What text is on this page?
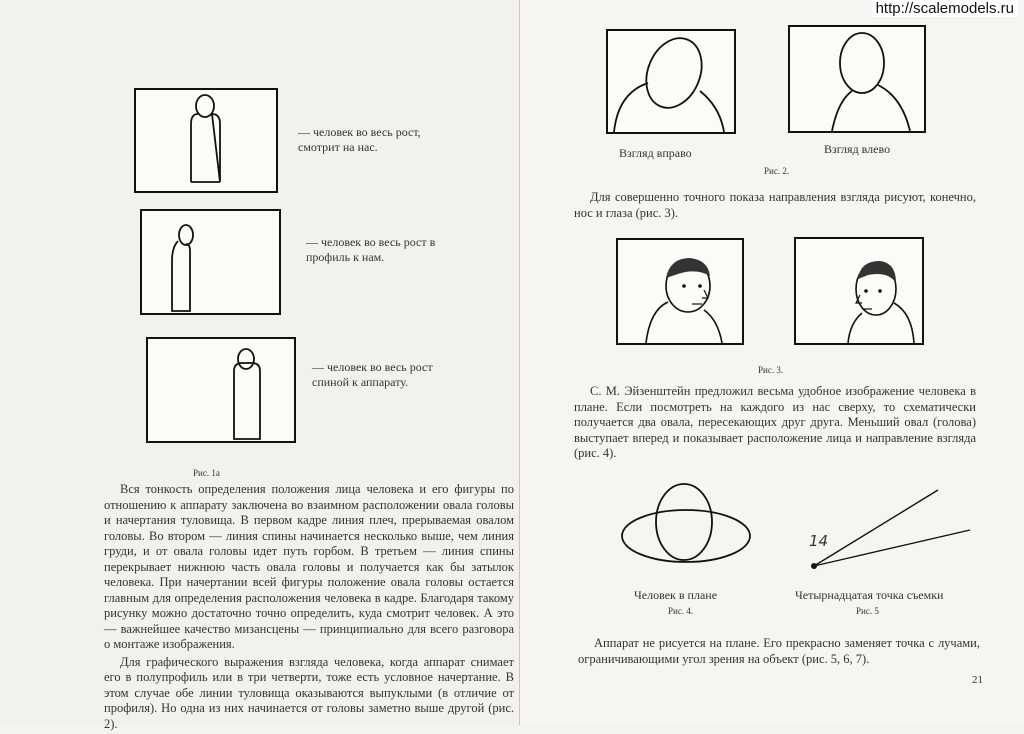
— человек во весь рост, смотрит на нас.
— человек во весь рост в профиль к нам.
— человек во весь рост спиной к аппарату.
Рис. 1а

Вся тонкость определения положения лица человека и его фигуры по отношению к аппарату заключена во взаимном расположении овала головы и начертания туловища. В первом кадре линия плеч, прерываемая овалом головы. Во втором — линия спины начинается несколько выше, чем линия груди, и от овала головы идет путь горбом. В третьем — линия спины перекрывает нижнюю часть овала головы и получается как бы затылок человека. При начертании всей фигуры положение овала головы остается главным для определения расположения человека в кадре. Благодаря такому рисунку можно достаточно точно определить, куда смотрит человек. А это — важнейшее качество мизансцены — принципиально для всего разговора о монтаже изображения.

Для графического выражения взгляда человека, когда аппарат снимает его в полупрофиль или в три четверти, тоже есть условное начертание. В этом случае обе линии туловища оказываются выпуклыми (в отличие от профиля). Но одна из них начинается от головы заметно выше другой (рис. 2).

Взгляд вправо	Взгляд влево
Рис. 2.
Для совершенно точного показа направления взгляда рисуют, конечно, нос и глаза (рис. 3).
Рис. 3.
С. М. Эйзенштейн предложил весьма удобное изображение человека в плане. Если посмотреть на каждого из нас сверху, то схематически получается два овала, пересекающих друг друга. Меньший овал (голова) выступает вперед и показывает расположение лица и направление взгляда (рис. 4).
Человек в плане
Рис. 4.
14
Четырнадцатая точка съемки
Рис. 5
Аппарат не рисуется на плане. Его прекрасно заменяет точка с лучами, ограничивающими угол зрения на объект (рис. 5, 6, 7).
21
http://scalemodels.ru
